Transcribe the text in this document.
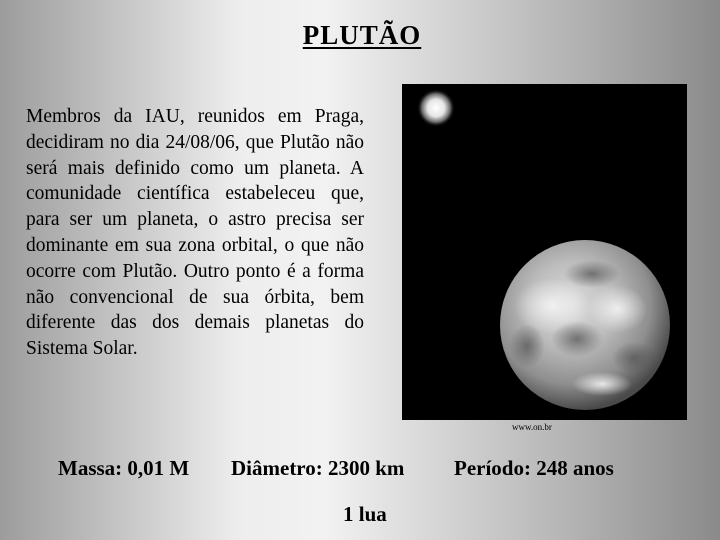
PLUTÃO
Membros da IAU, reunidos em Praga, decidiram no dia 24/08/06, que Plutão não será mais definido como um planeta. A comunidade científica estabeleceu que, para ser um planeta, o astro precisa ser dominante em sua zona orbital, o que não ocorre com Plutão. Outro ponto é a forma não convencional de sua órbita, bem diferente das dos demais planetas do Sistema Solar.
www.on.br
Massa: 0,01 M Diâmetro: 2300 km Período: 248 anos
1 lua
